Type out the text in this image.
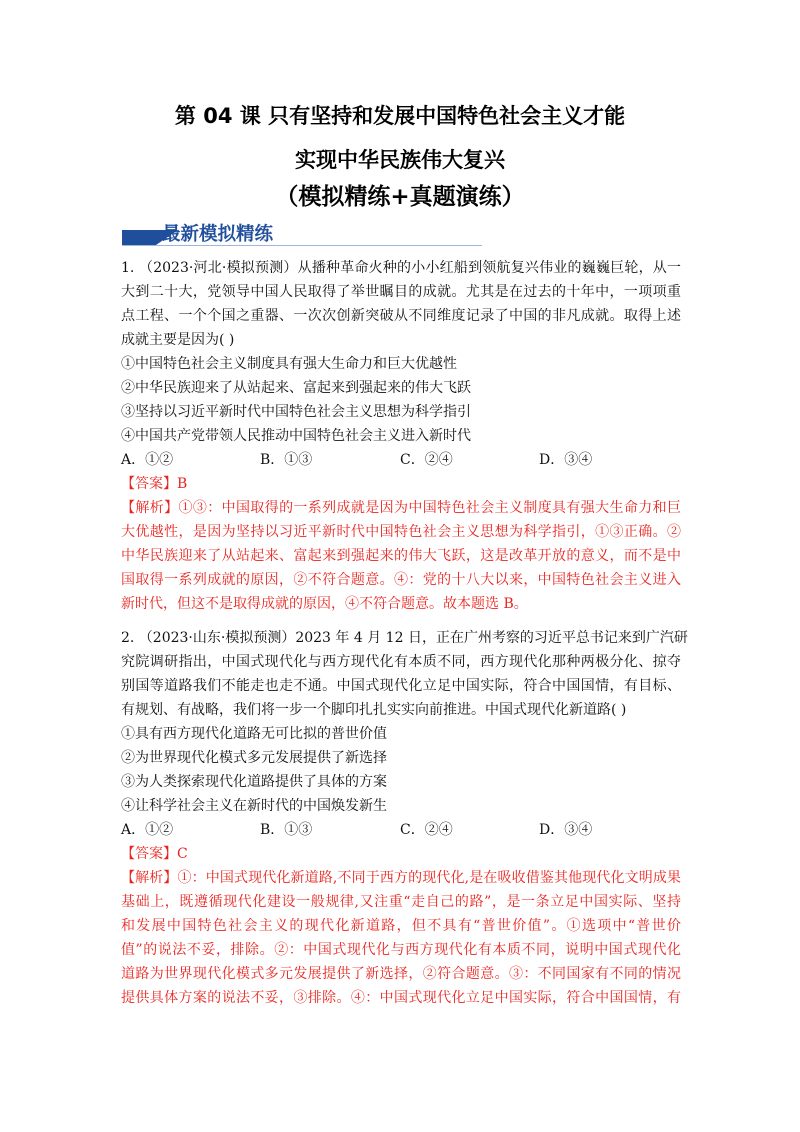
第 04 课 只有坚持和发展中国特色社会主义才能
实现中华民族伟大复兴
（模拟精练+真题演练）
最新模拟精练
1. （2023·河北·模拟预测）从播种革命火种的小小红船到领航复兴伟业的巍巍巨轮，从一
大到二十大，党领导中国人民取得了举世瞩目的成就。尤其是在过去的十年中，一项项重
点工程、一个个国之重器、一次次创新突破从不同维度记录了中国的非凡成就。取得上述
成就主要是因为( )
①中国特色社会主义制度具有强大生命力和巨大优越性
②中华民族迎来了从站起来、富起来到强起来的伟大飞跃
③坚持以习近平新时代中国特色社会主义思想为科学指引
④中国共产党带领人民推动中国特色社会主义进入新时代
A．①②	B．①③	C．②④	D．③④
【答案】B
【解析】①③：中国取得的一系列成就是因为中国特色社会主义制度具有强大生命力和巨
大优越性，是因为坚持以习近平新时代中国特色社会主义思想为科学指引，①③正确。②
中华民族迎来了从站起来、富起来到强起来的伟大飞跃，这是改革开放的意义，而不是中
国取得一系列成就的原因，②不符合题意。④：党的十八大以来，中国特色社会主义进入
新时代，但这不是取得成就的原因，④不符合题意。故本题选 B。
2. （2023·山东·模拟预测）2023 年 4 月 12 日，正在广州考察的习近平总书记来到广汽研
究院调研指出，中国式现代化与西方现代化有本质不同，西方现代化那种两极分化、掠夺
别国等道路我们不能走也走不通。中国式现代化立足中国实际，符合中国国情，有目标、
有规划、有战略，我们将一步一个脚印扎扎实实向前推进。中国式现代化新道路( )
①具有西方现代化道路无可比拟的普世价值
②为世界现代化模式多元发展提供了新选择
③为人类探索现代化道路提供了具体的方案
④让科学社会主义在新时代的中国焕发新生
A．①②	B．①③	C．②④	D．③④
【答案】C
【解析】①：中国式现代化新道路,不同于西方的现代化,是在吸收借鉴其他现代化文明成果
基础上，既遵循现代化建设一般规律,又注重“走自己的路”，是一条立足中国实际、坚持
和发展中国特色社会主义的现代化新道路，但不具有“普世价值”。①选项中“普世价
值”的说法不妥，排除。②：中国式现代化与西方现代化有本质不同，说明中国式现代化
道路为世界现代化模式多元发展提供了新选择，②符合题意。③：不同国家有不同的情况
提供具体方案的说法不妥，③排除。④：中国式现代化立足中国实际，符合中国国情，有
